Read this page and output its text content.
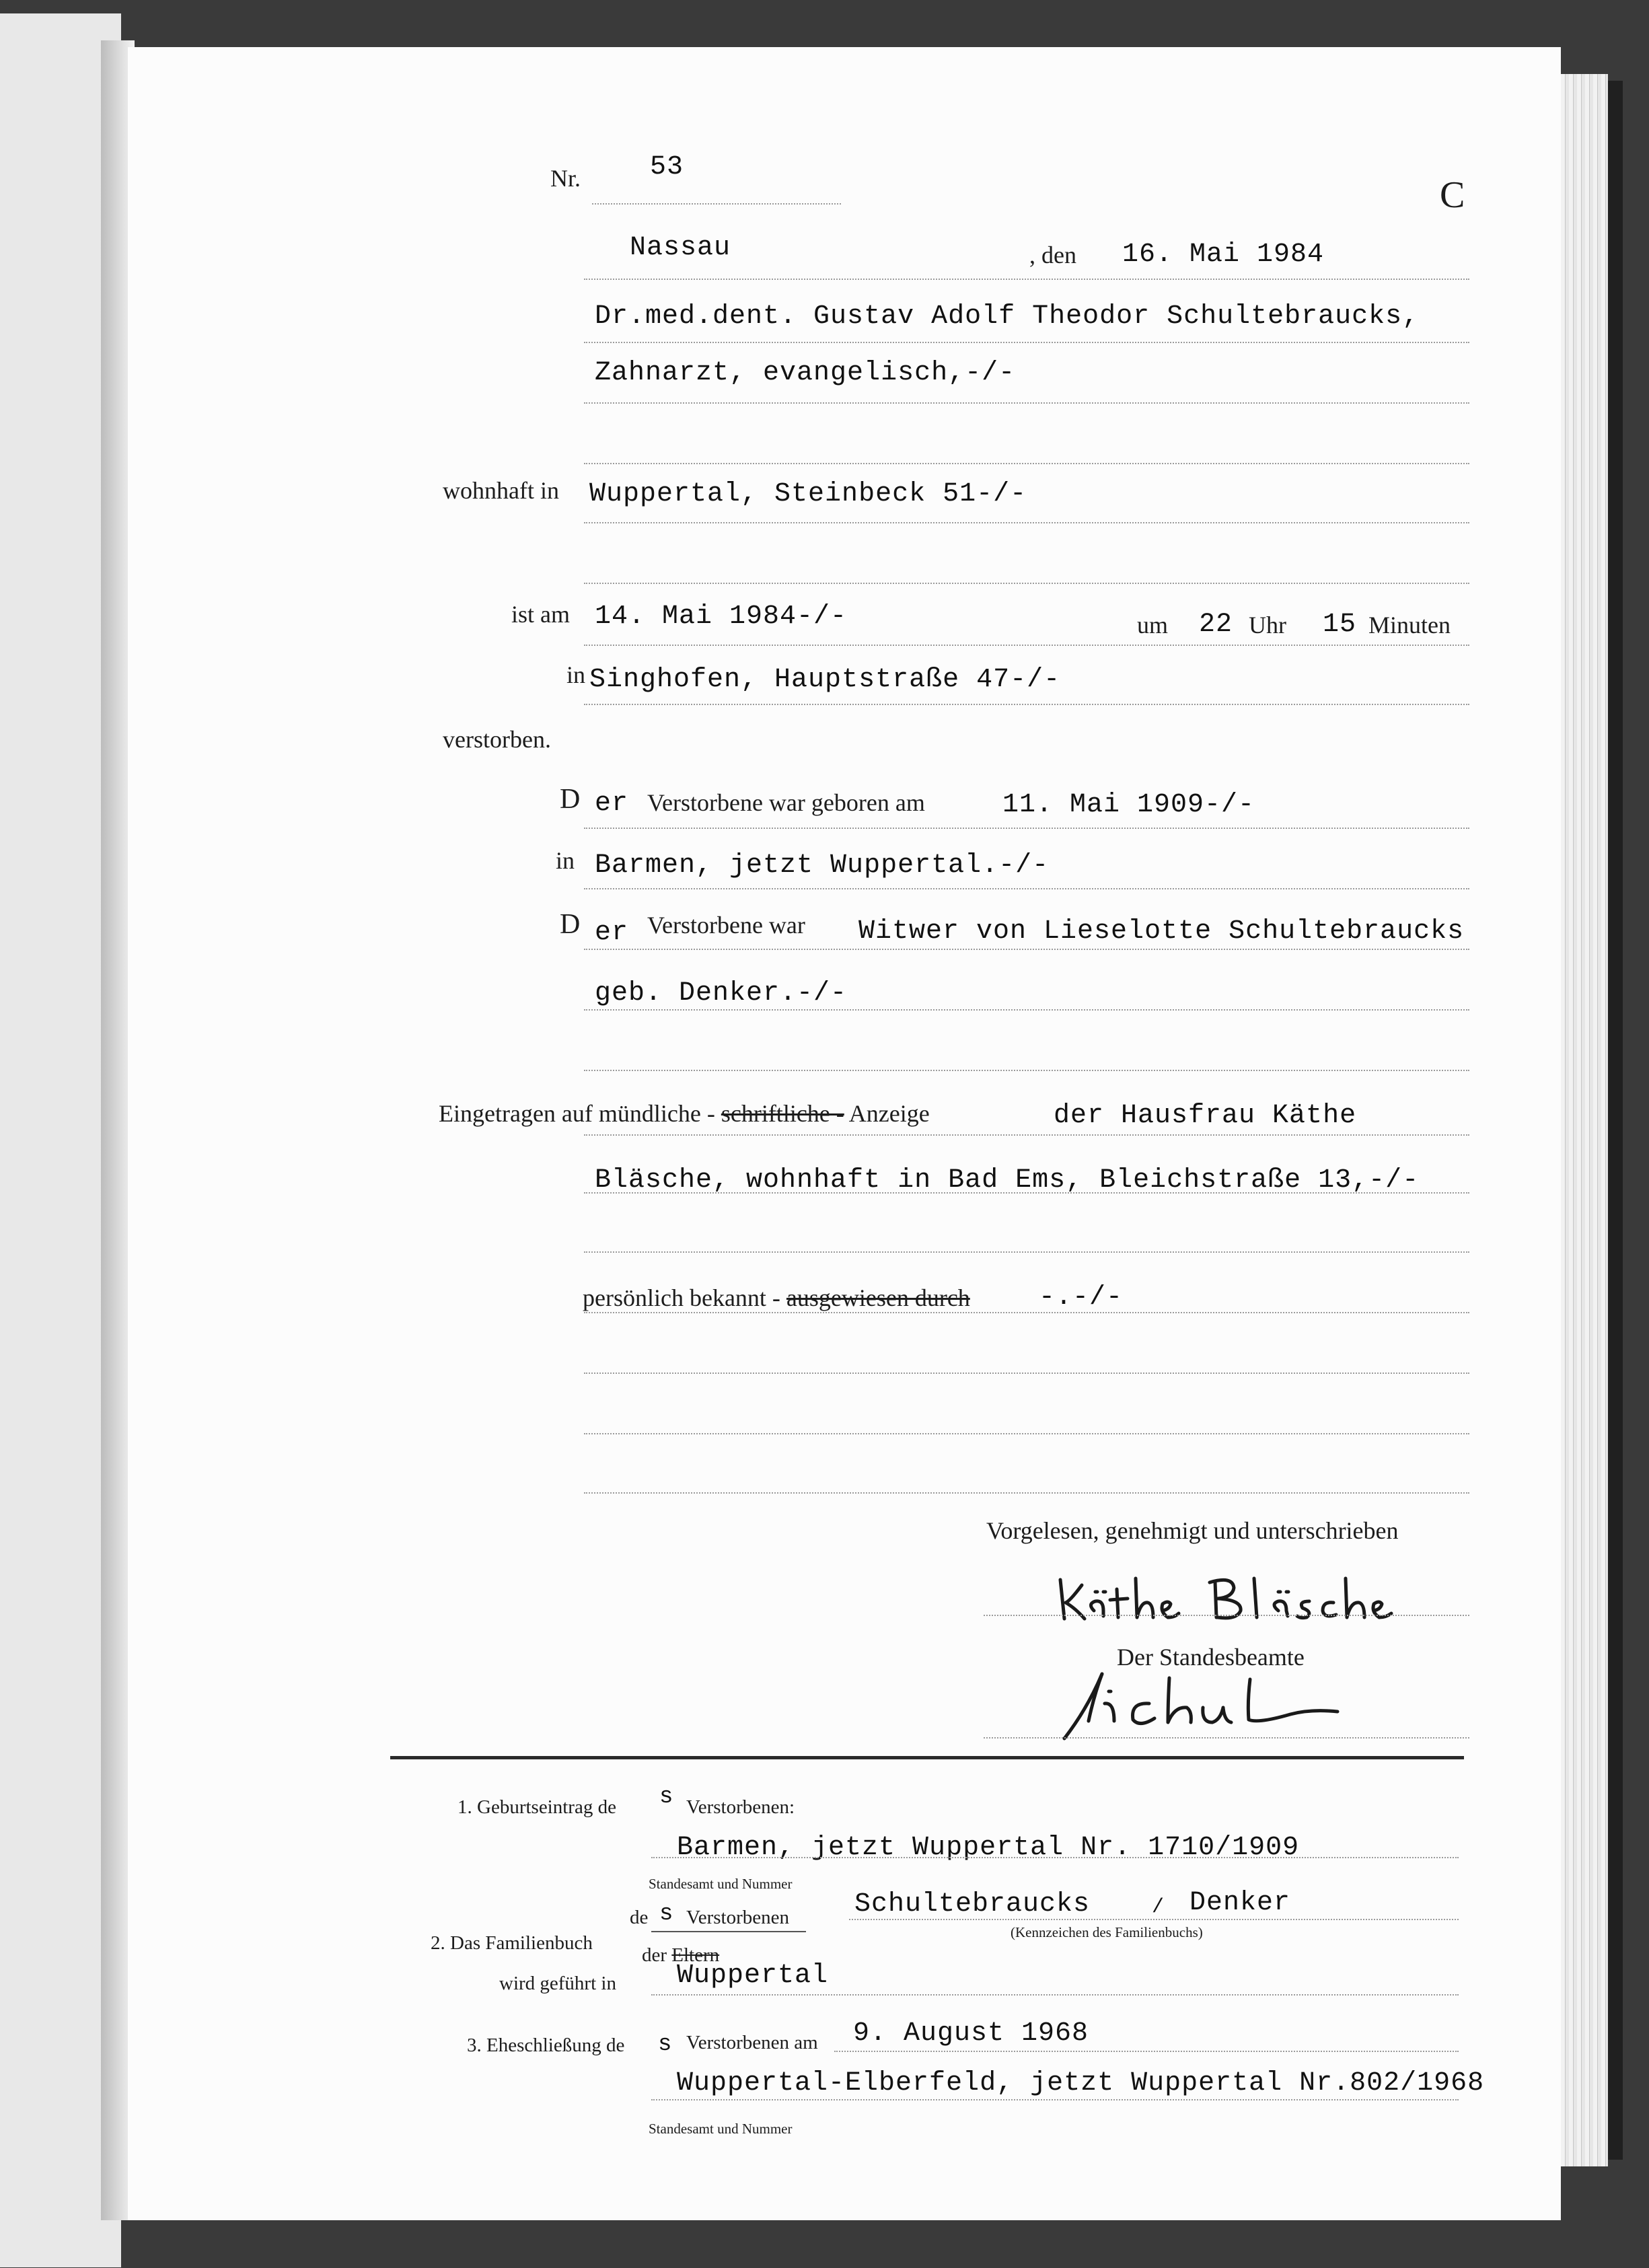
Nr.	53
C
Nassau	, den 16. Mai 1984
Dr.med.dent. Gustav Adolf Theodor Schultebraucks,
Zahnarzt, evangelisch,-/-
wohnhaft in Wuppertal, Steinbeck 51-/-
ist am 14. Mai 1984-/-	um 22 Uhr 15 Minuten
in Singhofen, Hauptstraße 47-/-
verstorben.
D er Verstorbene war geboren am	11. Mai 1909-/-
in Barmen, jetzt Wuppertal.-/-
D er Verstorbene war Witwer von Lieselotte Schultebraucks
geb. Denker.-/-
Eingetragen auf mündliche - schriftliche - Anzeige	der Hausfrau Käthe
Bläsche, wohnhaft in Bad Ems, Bleichstraße 13,-/-
persönlich bekannt - ausgewiesen durch	-.-/-
Vorgelesen, genehmigt und unterschrieben
Der Standesbeamte
1. Geburtseintrag de s Verstorbenen:
Barmen, jetzt Wuppertal Nr. 1710/1909
Standesamt und Nummer
de s Verstorbenen
2. Das Familienbuch
der Eltern
Schultebraucks	/ Denker
(Kennzeichen des Familienbuchs)
wird geführt in Wuppertal
3. Eheschließung de s Verstorbenen am 9. August 1968
Wuppertal-Elberfeld, jetzt Wuppertal Nr.802/1968
Standesamt und Nummer
